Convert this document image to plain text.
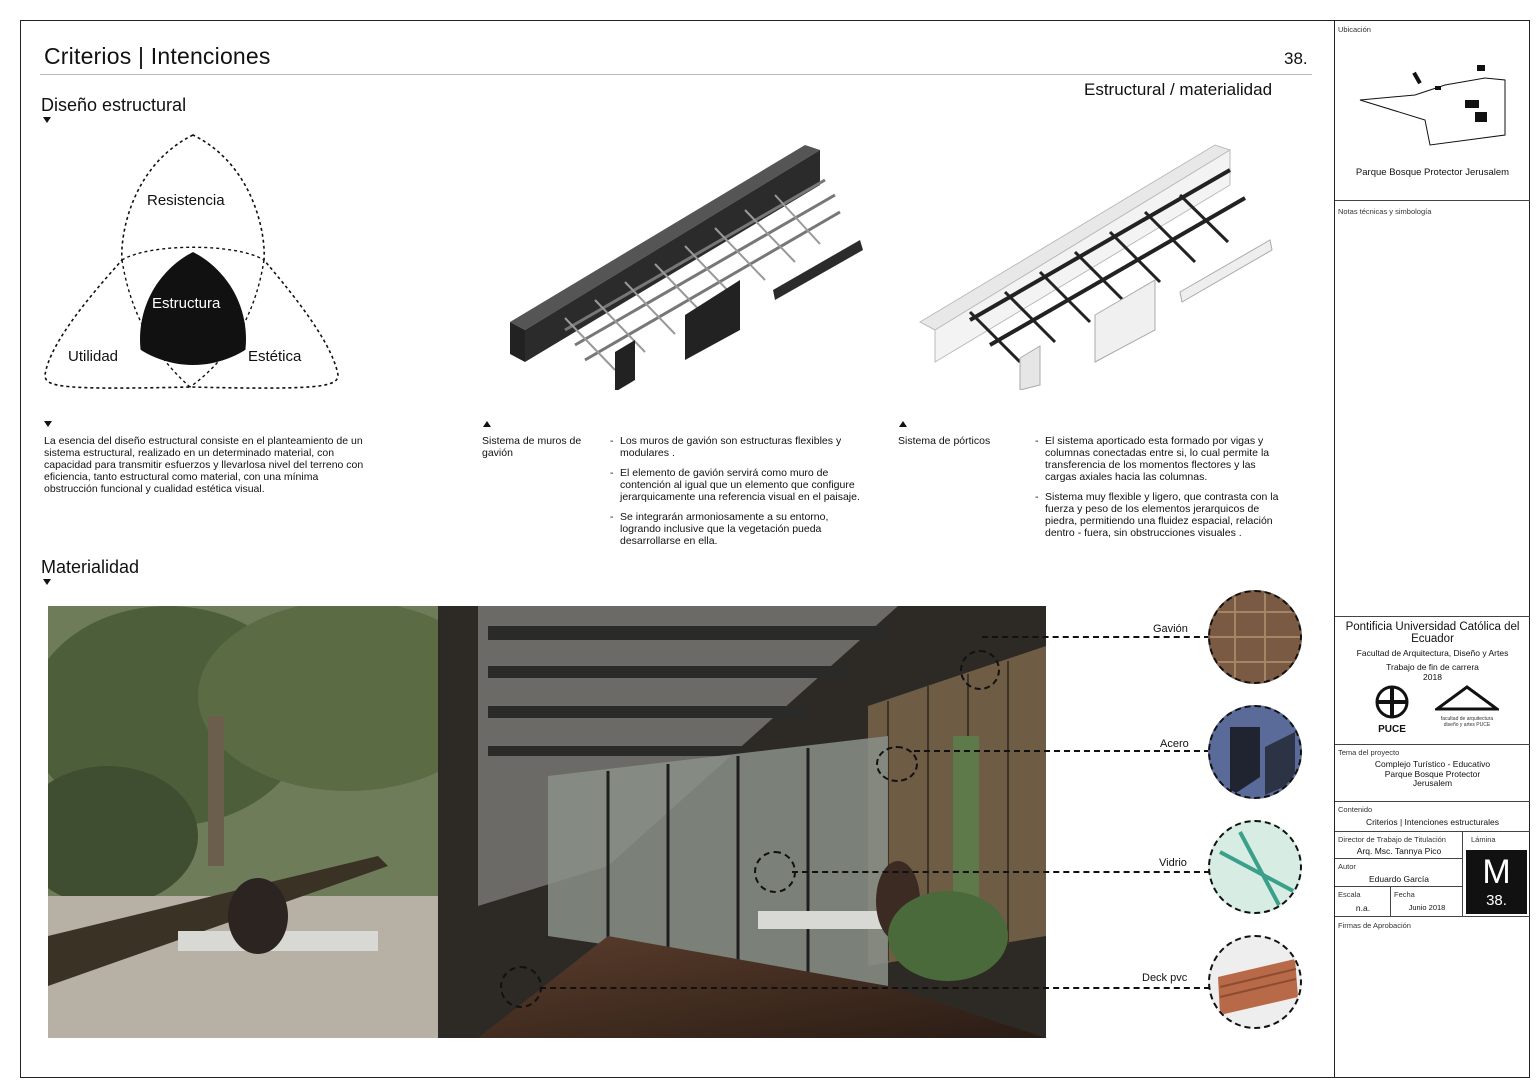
Criterios | Intenciones	38.
Estructural / materialidad
Diseño estructural
Resistencia
Estructura
Utilidad	Estética
La esencia del diseño estructural consiste en el planteamiento de un sistema estructural, realizado en un determinado material, con capacidad para transmitir esfuerzos y llevarlosa nivel del terreno con eficiencia, tanto estructural como material, con una mínima obstrucción funcional y cualidad estética visual.
Sistema de muros de gavión

- Los muros de gavión son estructuras flexibles y modulares .

- El elemento de gavión servirá como muro de contención al igual que un elemento que configure jerarquicamente una referencia visual en el paisaje.

- Se integrarán armoniosamente a su entorno, logrando inclusive que la vegetación pueda desarrollarse en ella.

Sistema de pórticos

-	El sistema aporticado esta formado por vigas y columnas conectadas entre si, lo cual permite la transferencia de los momentos flectores y las cargas axiales hacia las columnas.

- Sistema muy flexible y ligero, que contrasta con la fuerza y peso de los elementos jerarquicos de piedra, permitiendo una fluidez espacial, relación dentro - fuera, sin obstrucciones visuales .

Materialidad
Gavión
Acero
Vidrio
Deck pvc
Ubicación
Parque Bosque Protector Jerusalem
Notas técnicas y simbología
Pontificia Universidad Católica del Ecuador
Facultad de Arquitectura, Diseño y Artes
Trabajo de fin de carrera
2018
PUCE
facultad de arquitectura diseño y artes PUCE
Tema del proyecto
Complejo Turístico - Educativo Parque Bosque Protector Jerusalem
Contenido
Criterios | Intenciones estructurales
Director de Trabajo de Titulación
Arq. Msc. Tannya Pico
Autor
Eduardo García
Escala
n.a.
Fecha
Junio 2018
Lámina
M
38.
Firmas de Aprobación
